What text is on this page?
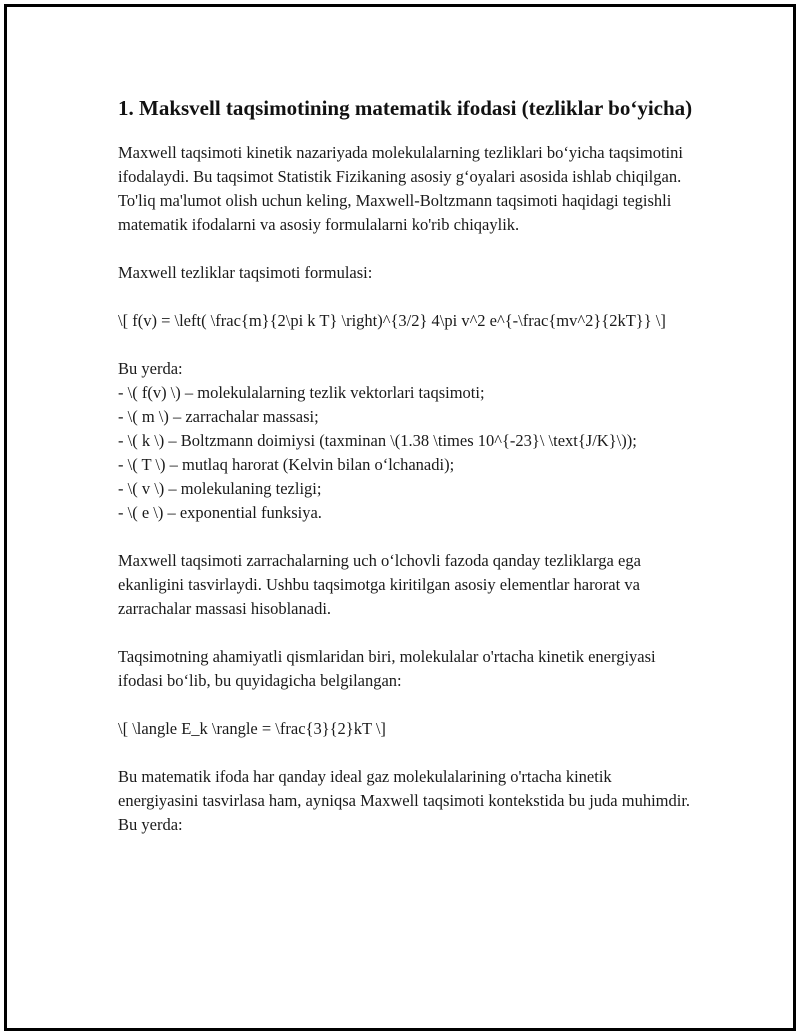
1. Maksvell taqsimotining matematik ifodasi (tezliklar bo‘yicha)

Maxwell taqsimoti kinetik nazariyada molekulalarning tezliklari bo‘yicha taqsimotini ifodalaydi. Bu taqsimot Statistik Fizikaning asosiy g‘oyalari asosida ishlab chiqilgan. To'liq ma'lumot olish uchun keling, Maxwell-Boltzmann taqsimoti haqidagi tegishli matematik ifodalarni va asosiy formulalarni ko'rib chiqaylik.

Maxwell tezliklar taqsimoti formulasi:

\[ f(v) = \left( \frac{m}{2\pi k T} \right)^{3/2} 4\pi v^2 e^{-\frac{mv^2}{2kT}} \]

Bu yerda:
- \( f(v) \) – molekulalarning tezlik vektorlari taqsimoti;
- \( m \) – zarrachalar massasi;
- \( k \) – Boltzmann doimiysi (taxminan \(1.38 \times 10^{-23}\ \text{J/K}\));
- \( T \) – mutlaq harorat (Kelvin bilan o‘lchanadi);
- \( v \) – molekulaning tezligi;
- \( e \) – exponential funksiya.

Maxwell taqsimoti zarrachalarning uch o‘lchovli fazoda qanday tezliklarga ega ekanligini tasvirlaydi. Ushbu taqsimotga kiritilgan asosiy elementlar harorat va zarrachalar massasi hisoblanadi.

Taqsimotning ahamiyatli qismlaridan biri, molekulalar o'rtacha kinetik energiyasi ifodasi bo‘lib, bu quyidagicha belgilangan:

\[ \langle E_k \rangle = \frac{3}{2}kT \]

Bu matematik ifoda har qanday ideal gaz molekulalarining o'rtacha kinetik energiyasini tasvirlasa ham, ayniqsa Maxwell taqsimoti kontekstida bu juda muhimdir. Bu yerda:
